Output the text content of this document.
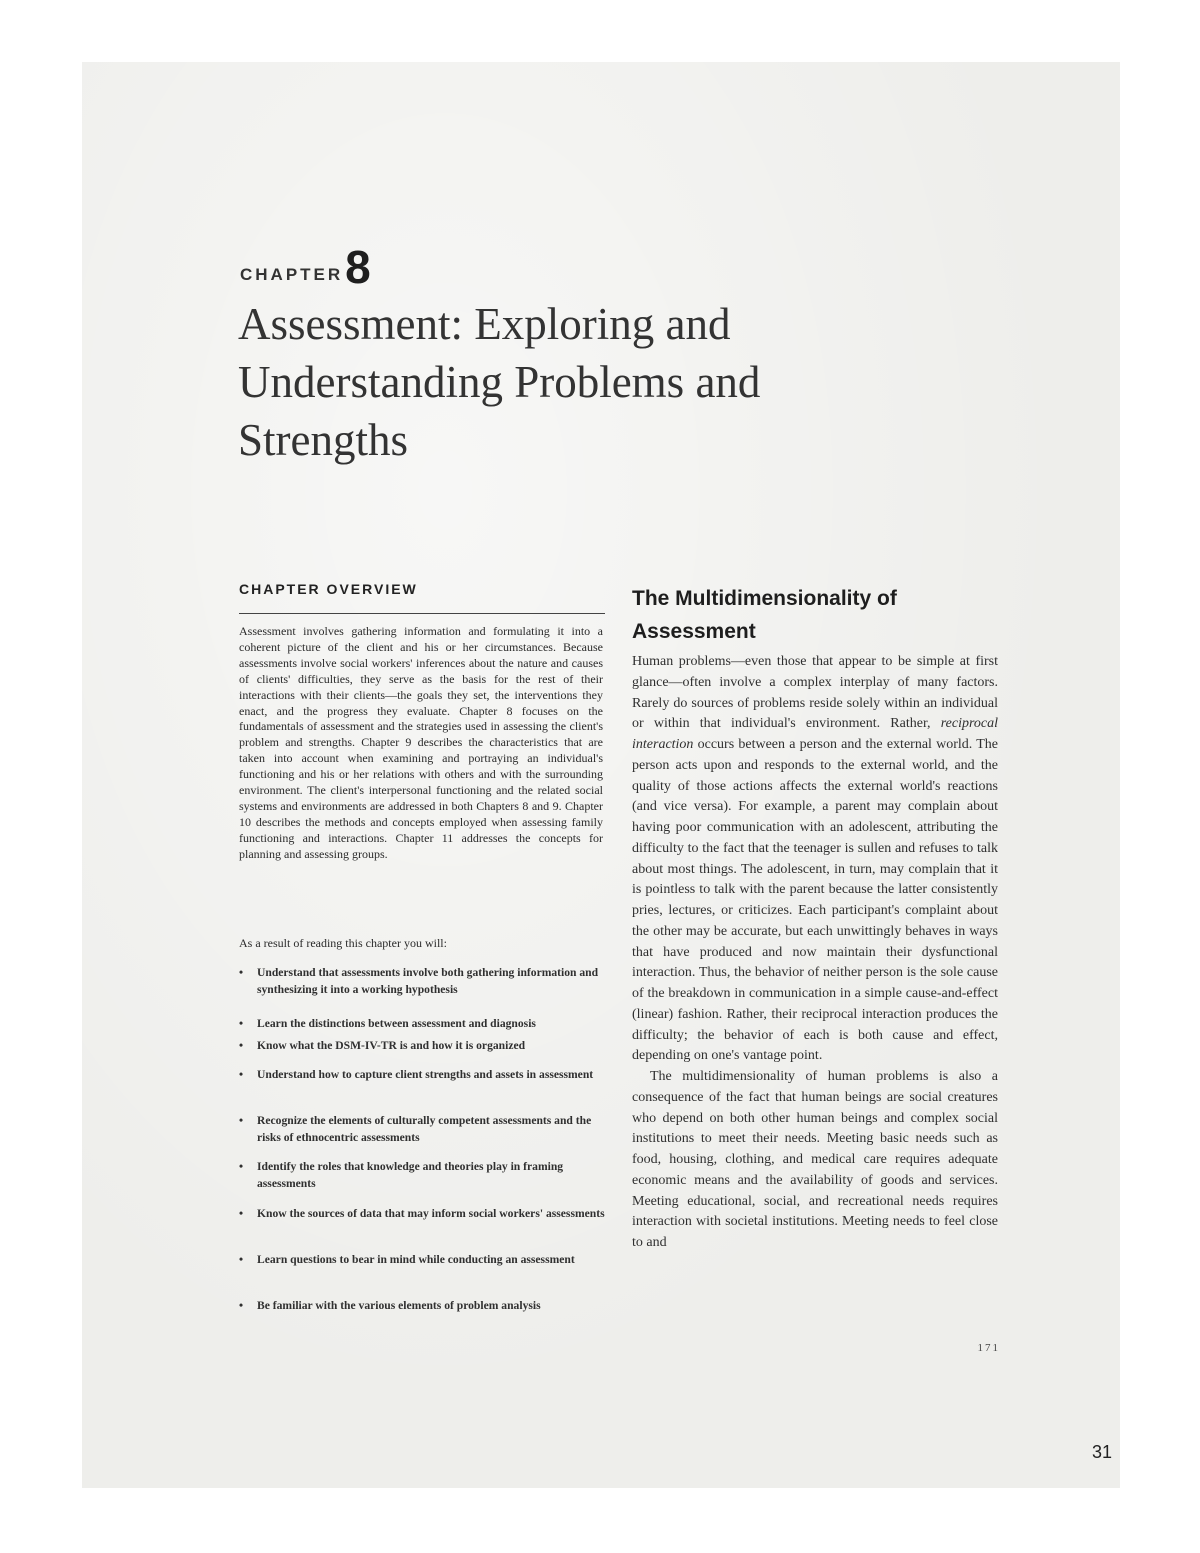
CHAPTER8
Assessment: Exploring and Understanding Problems and Strengths
CHAPTER OVERVIEW

Assessment involves gathering information and formulating it into a coherent picture of the client and his or her circumstances. Because assessments involve social workers' inferences about the nature and causes of clients' difficulties, they serve as the basis for the rest of their interactions with their clients—the goals they set, the interventions they enact, and the progress they evaluate. Chapter 8 focuses on the fundamentals of assessment and the strategies used in assessing the client's problem and strengths. Chapter 9 describes the characteristics that are taken into account when examining and portraying an individual's functioning and his or her relations with others and with the surrounding environment. The client's interpersonal functioning and the related social systems and environments are addressed in both Chapters 8 and 9. Chapter 10 describes the methods and concepts employed when assessing family functioning and interactions. Chapter 11 addresses the concepts for planning and assessing groups.

As a result of reading this chapter you will:

• Understand that assessments involve both gathering information and synthesizing it into a working hypothesis
• Learn the distinctions between assessment and diagnosis
• Know what the DSM-IV-TR is and how it is organized
• Understand how to capture client strengths and assets in assessment
• Recognize the elements of culturally competent assessments and the risks of ethnocentric assessments
• Identify the roles that knowledge and theories play in framing assessments
• Know the sources of data that may inform social workers' assessments
• Learn questions to bear in mind while conducting an assessment
• Be familiar with the various elements of problem analysis
The Multidimensionality of Assessment

Human problems—even those that appear to be simple at first glance—often involve a complex interplay of many factors. Rarely do sources of problems reside solely within an individual or within that individual's environment. Rather, reciprocal interaction occurs between a person and the external world. The person acts upon and responds to the external world, and the quality of those actions affects the external world's reactions (and vice versa). For example, a parent may complain about having poor communication with an adolescent, attributing the difficulty to the fact that the teenager is sullen and refuses to talk about most things. The adolescent, in turn, may complain that it is pointless to talk with the parent because the latter consistently pries, lectures, or criticizes. Each participant's complaint about the other may be accurate, but each unwittingly behaves in ways that have produced and now maintain their dysfunctional interaction. Thus, the behavior of neither person is the sole cause of the breakdown in communication in a simple cause-and-effect (linear) fashion. Rather, their reciprocal interaction produces the difficulty; the behavior of each is both cause and effect, depending on one's vantage point.

The multidimensionality of human problems is also a consequence of the fact that human beings are social creatures who depend on both other human beings and complex social institutions to meet their needs. Meeting basic needs such as food, housing, clothing, and medical care requires adequate economic means and the availability of goods and services. Meeting educational, social, and recreational needs requires interaction with societal institutions. Meeting needs to feel close to and

171
31
